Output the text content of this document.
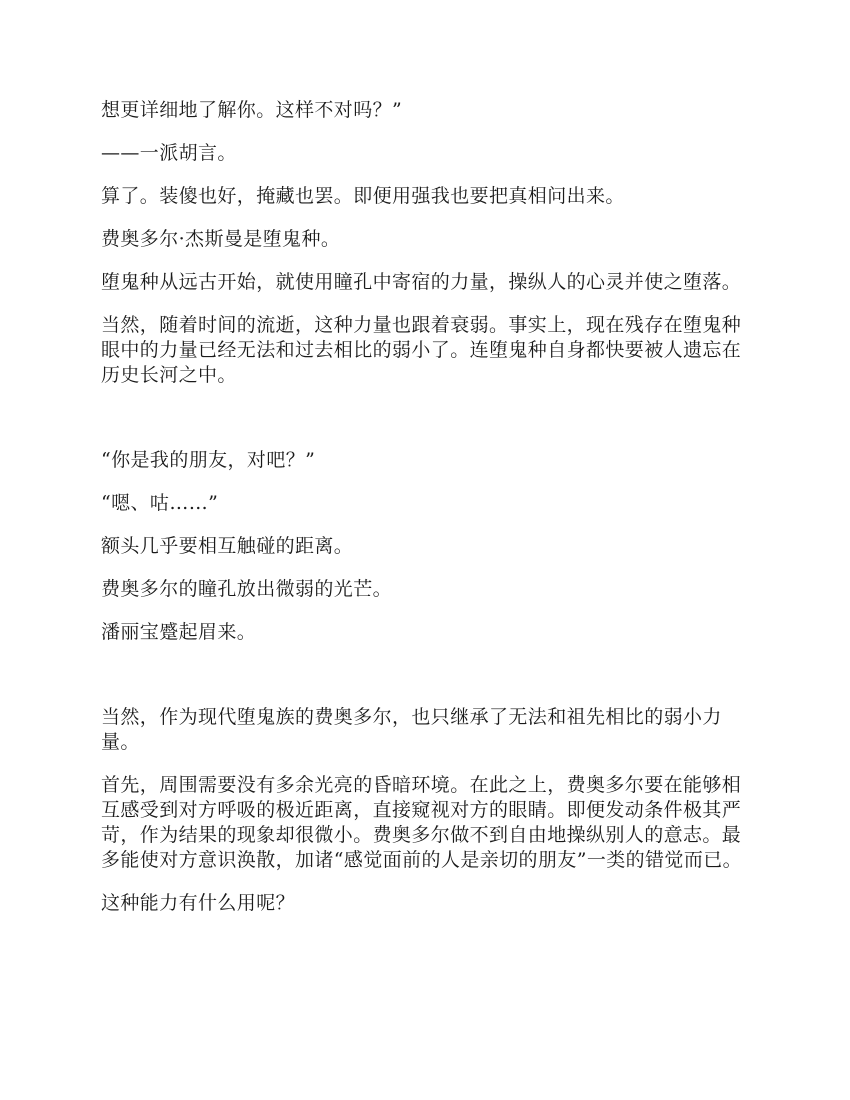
想更详细地了解你。这样不对吗？”

——一派胡言。

算了。装傻也好，掩藏也罢。即便用强我也要把真相问出来。

费奥多尔·杰斯曼是堕鬼种。

堕鬼种从远古开始，就使用瞳孔中寄宿的力量，操纵人的心灵并使之堕落。

当然，随着时间的流逝，这种力量也跟着衰弱。事实上，现在残存在堕鬼种眼中的力量已经无法和过去相比的弱小了。连堕鬼种自身都快要被人遗忘在历史长河之中。

“你是我的朋友，对吧？”

“嗯、咕……”

额头几乎要相互触碰的距离。

费奥多尔的瞳孔放出微弱的光芒。

潘丽宝蹙起眉来。

当然，作为现代堕鬼族的费奥多尔，也只继承了无法和祖先相比的弱小力量。

首先，周围需要没有多余光亮的昏暗环境。在此之上，费奥多尔要在能够相互感受到对方呼吸的极近距离，直接窥视对方的眼睛。即便发动条件极其严苛，作为结果的现象却很微小。费奥多尔做不到自由地操纵别人的意志。最多能使对方意识涣散，加诸“感觉面前的人是亲切的朋友”一类的错觉而已。

这种能力有什么用呢？
